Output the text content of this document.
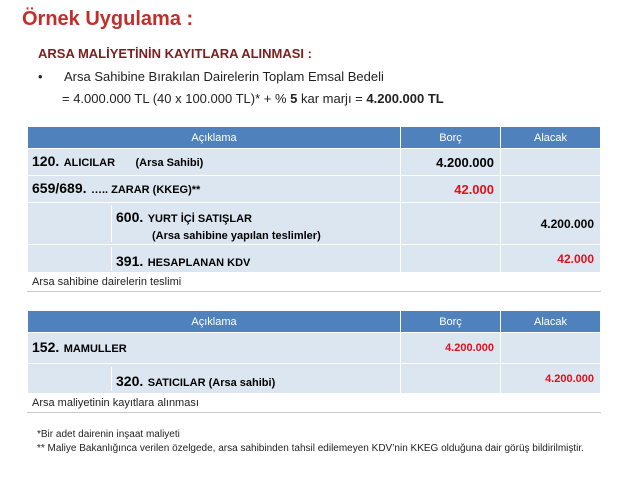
Örnek Uygulama :
ARSA MALİYETİNİN KAYITLARA ALINMASI :
• Arsa Sahibine Bırakılan Dairelerin Toplam Emsal Bedeli
= 4.000.000 TL (40 x 100.000 TL)* + % 5 kar marjı = 4.200.000 TL
Açıklama	Borç	Alacak
120. ALICILAR (Arsa Sahibi)	4.200.000	
659/689. ….. ZARAR (KKEG)**	42.000	

600. YURT İÇİ SATIŞLAR
(Arsa sahibine yapılan teslimler)		4.200.000

391. HESAPLANAN KDV		42.000
Arsa sahibine dairelerin teslimi		
Açıklama	Borç	Alacak
152. MAMULLER	4.200.000	

320. SATICILAR (Arsa sahibi)		4.200.000
Arsa maliyetinin kayıtlara alınması		
*Bir adet dairenin inşaat maliyeti
** Maliye Bakanlığınca verilen özelgede, arsa sahibinden tahsil edilemeyen KDV’nin KKEG olduğuna dair görüş bildirilmiştir.
